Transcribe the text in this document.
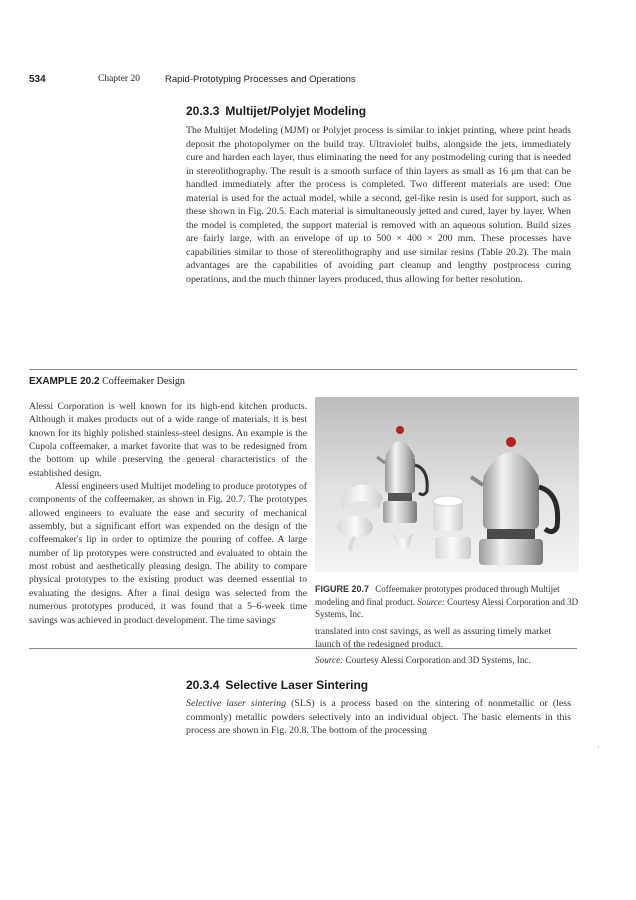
534	Chapter 20	Rapid-Prototyping Processes and Operations
20.3.3 Multijet/Polyjet Modeling

The Multijet Modeling (MJM) or Polyjet process is similar to inkjet printing, where print heads deposit the photopolymer on the build tray. Ultraviolet bulbs, alongside the jets, immediately cure and harden each layer, thus eliminating the need for any postmodeling curing that is needed in stereolithography. The result is a smooth surface of thin layers as small as 16 μm that can be handled immediately after the process is completed. Two different materials are used: One material is used for the actual model, while a second, gel-like resin is used for support, such as these shown in Fig. 20.5. Each material is simultaneously jetted and cured, layer by layer. When the model is completed, the support material is removed with an aqueous solution. Build sizes are fairly large, with an envelope of up to 500 × 400 × 200 mm. These processes have capabilities similar to those of stereolithography and use similar resins (Table 20.2). The main advantages are the capabilities of avoiding part cleanup and lengthy postprocess curing operations, and the much thinner layers produced, thus allowing for better resolution.

EXAMPLE 20.2 Coffeemaker Design

Alessi Corporation is well known for its high-end kitchen products. Although it makes products out of a wide range of materials, it is best known for its highly polished stainless-steel designs. An example is the Cupola coffeemaker, a market favorite that was to be redesigned from the bottom up while preserving the general characteristics of the established design.
Alessi engineers used Multijet modeling to produce prototypes of components of the coffeemaker, as shown in Fig. 20.7. The prototypes allowed engineers to evaluate the ease and security of mechanical assembly, but a significant effort was expended on the design of the coffeemaker's lip in order to optimize the pouring of coffee. A large number of lip prototypes were constructed and evaluated to obtain the most robust and aesthetically pleasing design. The ability to compare physical prototypes to the existing product was deemed essential to evaluating the designs. After a final design was selected from the numerous prototypes produced, it was found that a 5–6-week time savings was achieved in product development. The time savings

FIGURE 20.7 Coffeemaker prototypes produced through Multijet modeling and final product. Source: Courtesy Alessi Corporation and 3D Systems, Inc.

translated into cost savings, as well as assuring timely market launch of the redesigned product.

Source: Courtesy Alessi Corporation and 3D Systems, Inc.

20.3.4 Selective Laser Sintering

Selective laser sintering (SLS) is a process based on the sintering of nonmetallic or (less commonly) metallic powders selectively into an individual object. The basic elements in this process are shown in Fig. 20.8. The bottom of the processing

·
